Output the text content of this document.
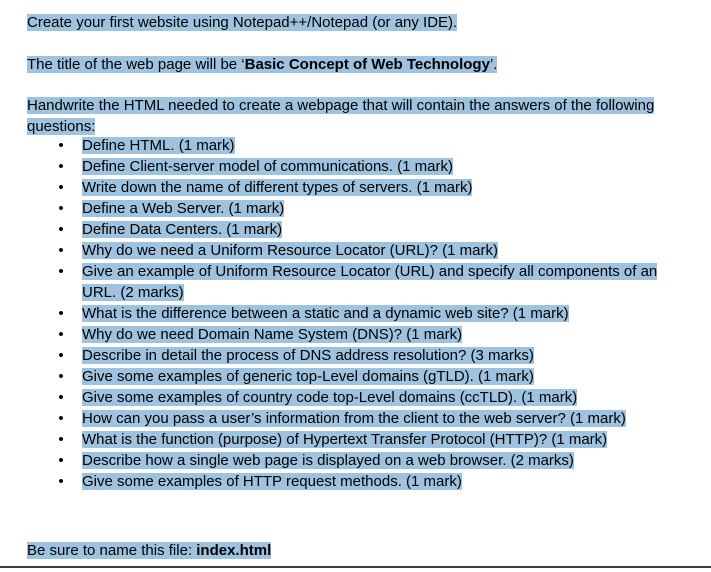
Create your first website using Notepad++/Notepad (or any IDE).
The title of the web page will be ‘Basic Concept of Web Technology’.
Handwrite the HTML needed to create a webpage that will contain the answers of the following questions:
• Define HTML. (1 mark)
• Define Client-server model of communications. (1 mark)
• Write down the name of different types of servers. (1 mark)
• Define a Web Server. (1 mark)
• Define Data Centers. (1 mark)
• Why do we need a Uniform Resource Locator (URL)? (1 mark)
• Give an example of Uniform Resource Locator (URL) and specify all components of an URL. (2 marks)
• What is the difference between a static and a dynamic web site? (1 mark)
• Why do we need Domain Name System (DNS)? (1 mark)
• Describe in detail the process of DNS address resolution? (3 marks)
• Give some examples of generic top-Level domains (gTLD). (1 mark)
• Give some examples of country code top-Level domains (ccTLD). (1 mark)
• How can you pass a user’s information from the client to the web server? (1 mark)
• What is the function (purpose) of Hypertext Transfer Protocol (HTTP)? (1 mark)
• Describe how a single web page is displayed on a web browser. (2 marks)
• Give some examples of HTTP request methods. (1 mark)
Be sure to name this file: index.html
